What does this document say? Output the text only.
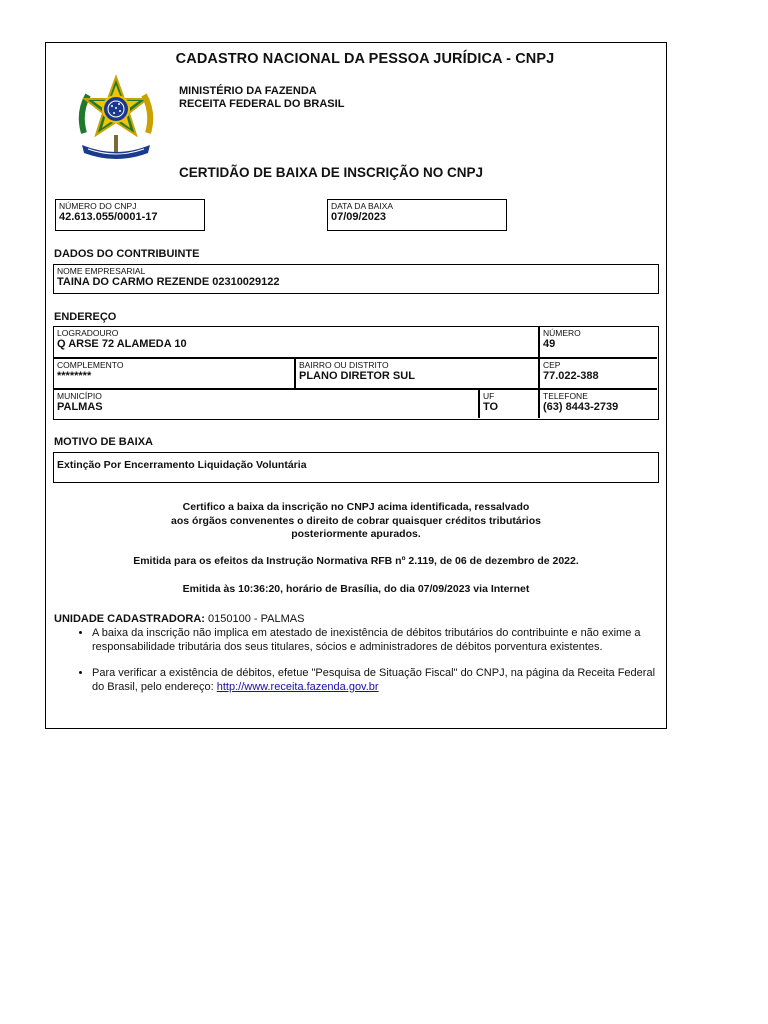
CADASTRO NACIONAL DA PESSOA JURÍDICA - CNPJ
MINISTÉRIO DA FAZENDA
RECEITA FEDERAL DO BRASIL
CERTIDÃO DE BAIXA DE INSCRIÇÃO NO CNPJ
NÚMERO DO CNPJ
42.613.055/0001-17
DATA DA BAIXA
07/09/2023
DADOS DO CONTRIBUINTE
NOME EMPRESARIAL
TAINA DO CARMO REZENDE 02310029122
ENDEREÇO
LOGRADOURO
Q ARSE 72 ALAMEDA 10
NÚMERO
49
COMPLEMENTO
********
BAIRRO OU DISTRITO
PLANO DIRETOR SUL
CEP
77.022-388
MUNICÍPIO
PALMAS
UF
TO
TELEFONE
(63) 8443-2739
MOTIVO DE BAIXA
Extinção Por Encerramento Liquidação Voluntária
Certifico a baixa da inscrição no CNPJ acima identificada, ressalvado
aos órgãos convenentes o direito de cobrar quaisquer créditos tributários
posteriormente apurados.
Emitida para os efeitos da Instrução Normativa RFB nº 2.119, de 06 de dezembro de 2022.
Emitida às 10:36:20, horário de Brasília, do dia 07/09/2023 via Internet
UNIDADE CADASTRADORA: 0150100 - PALMAS
• A baixa da inscrição não implica em atestado de inexistência de débitos tributários do contribuinte e não exime a responsabilidade tributária dos seus titulares, sócios e administradores de débitos porventura existentes.
• Para verificar a existência de débitos, efetue "Pesquisa de Situação Fiscal" do CNPJ, na página da Receita Federal do Brasil, pelo endereço: http://www.receita.fazenda.gov.br
